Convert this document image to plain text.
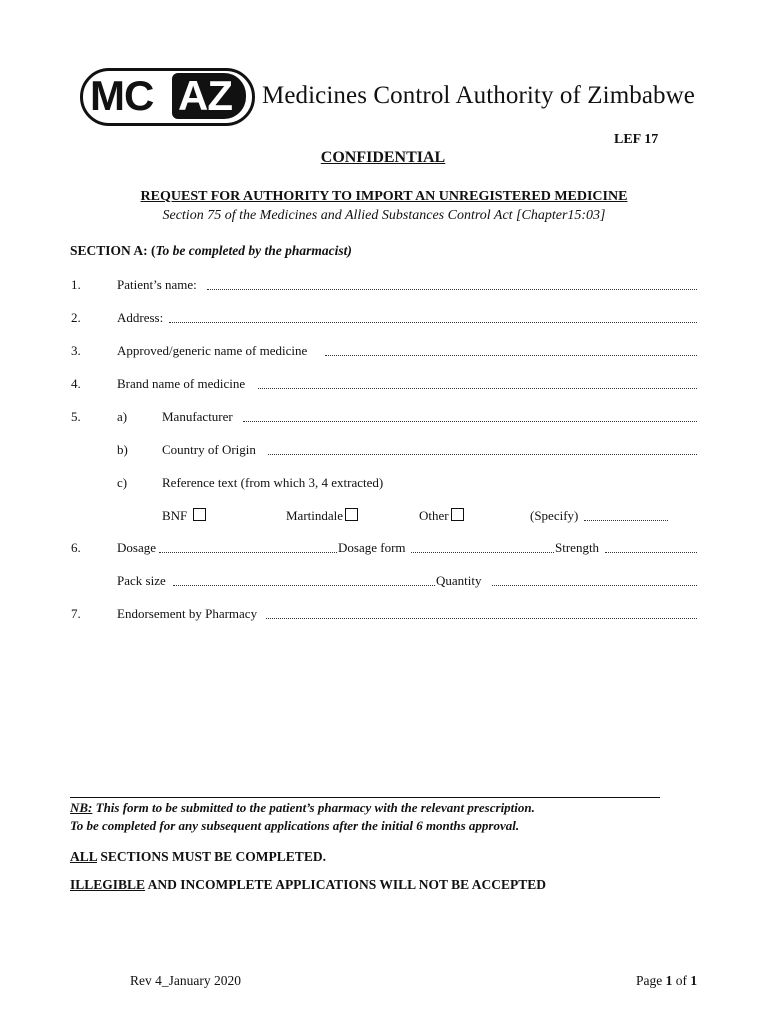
MC AZ	Medicines Control Authority of Zimbabwe
LEF 17
CONFIDENTIAL
REQUEST FOR AUTHORITY TO IMPORT AN UNREGISTERED MEDICINE
Section 75 of the Medicines and Allied Substances Control Act [Chapter15:03]
SECTION A: (To be completed by the pharmacist)
1.	Patient’s name:
2.	Address:
3.	Approved/generic name of medicine
4.	Brand name of medicine
5.	a)	Manufacturer
b)	Country of Origin
c)	Reference text (from which 3, 4 extracted)
BNF	Martindale	Other	(Specify)
6.	Dosage	Dosage form	Strength
Pack size	Quantity
7.	Endorsement by Pharmacy
NB: This form to be submitted to the patient’s pharmacy with the relevant prescription.
To be completed for any subsequent applications after the initial 6 months approval.
ALL SECTIONS MUST BE COMPLETED.
ILLEGIBLE AND INCOMPLETE APPLICATIONS WILL NOT BE ACCEPTED
Rev 4_January 2020	Page 1 of 1
